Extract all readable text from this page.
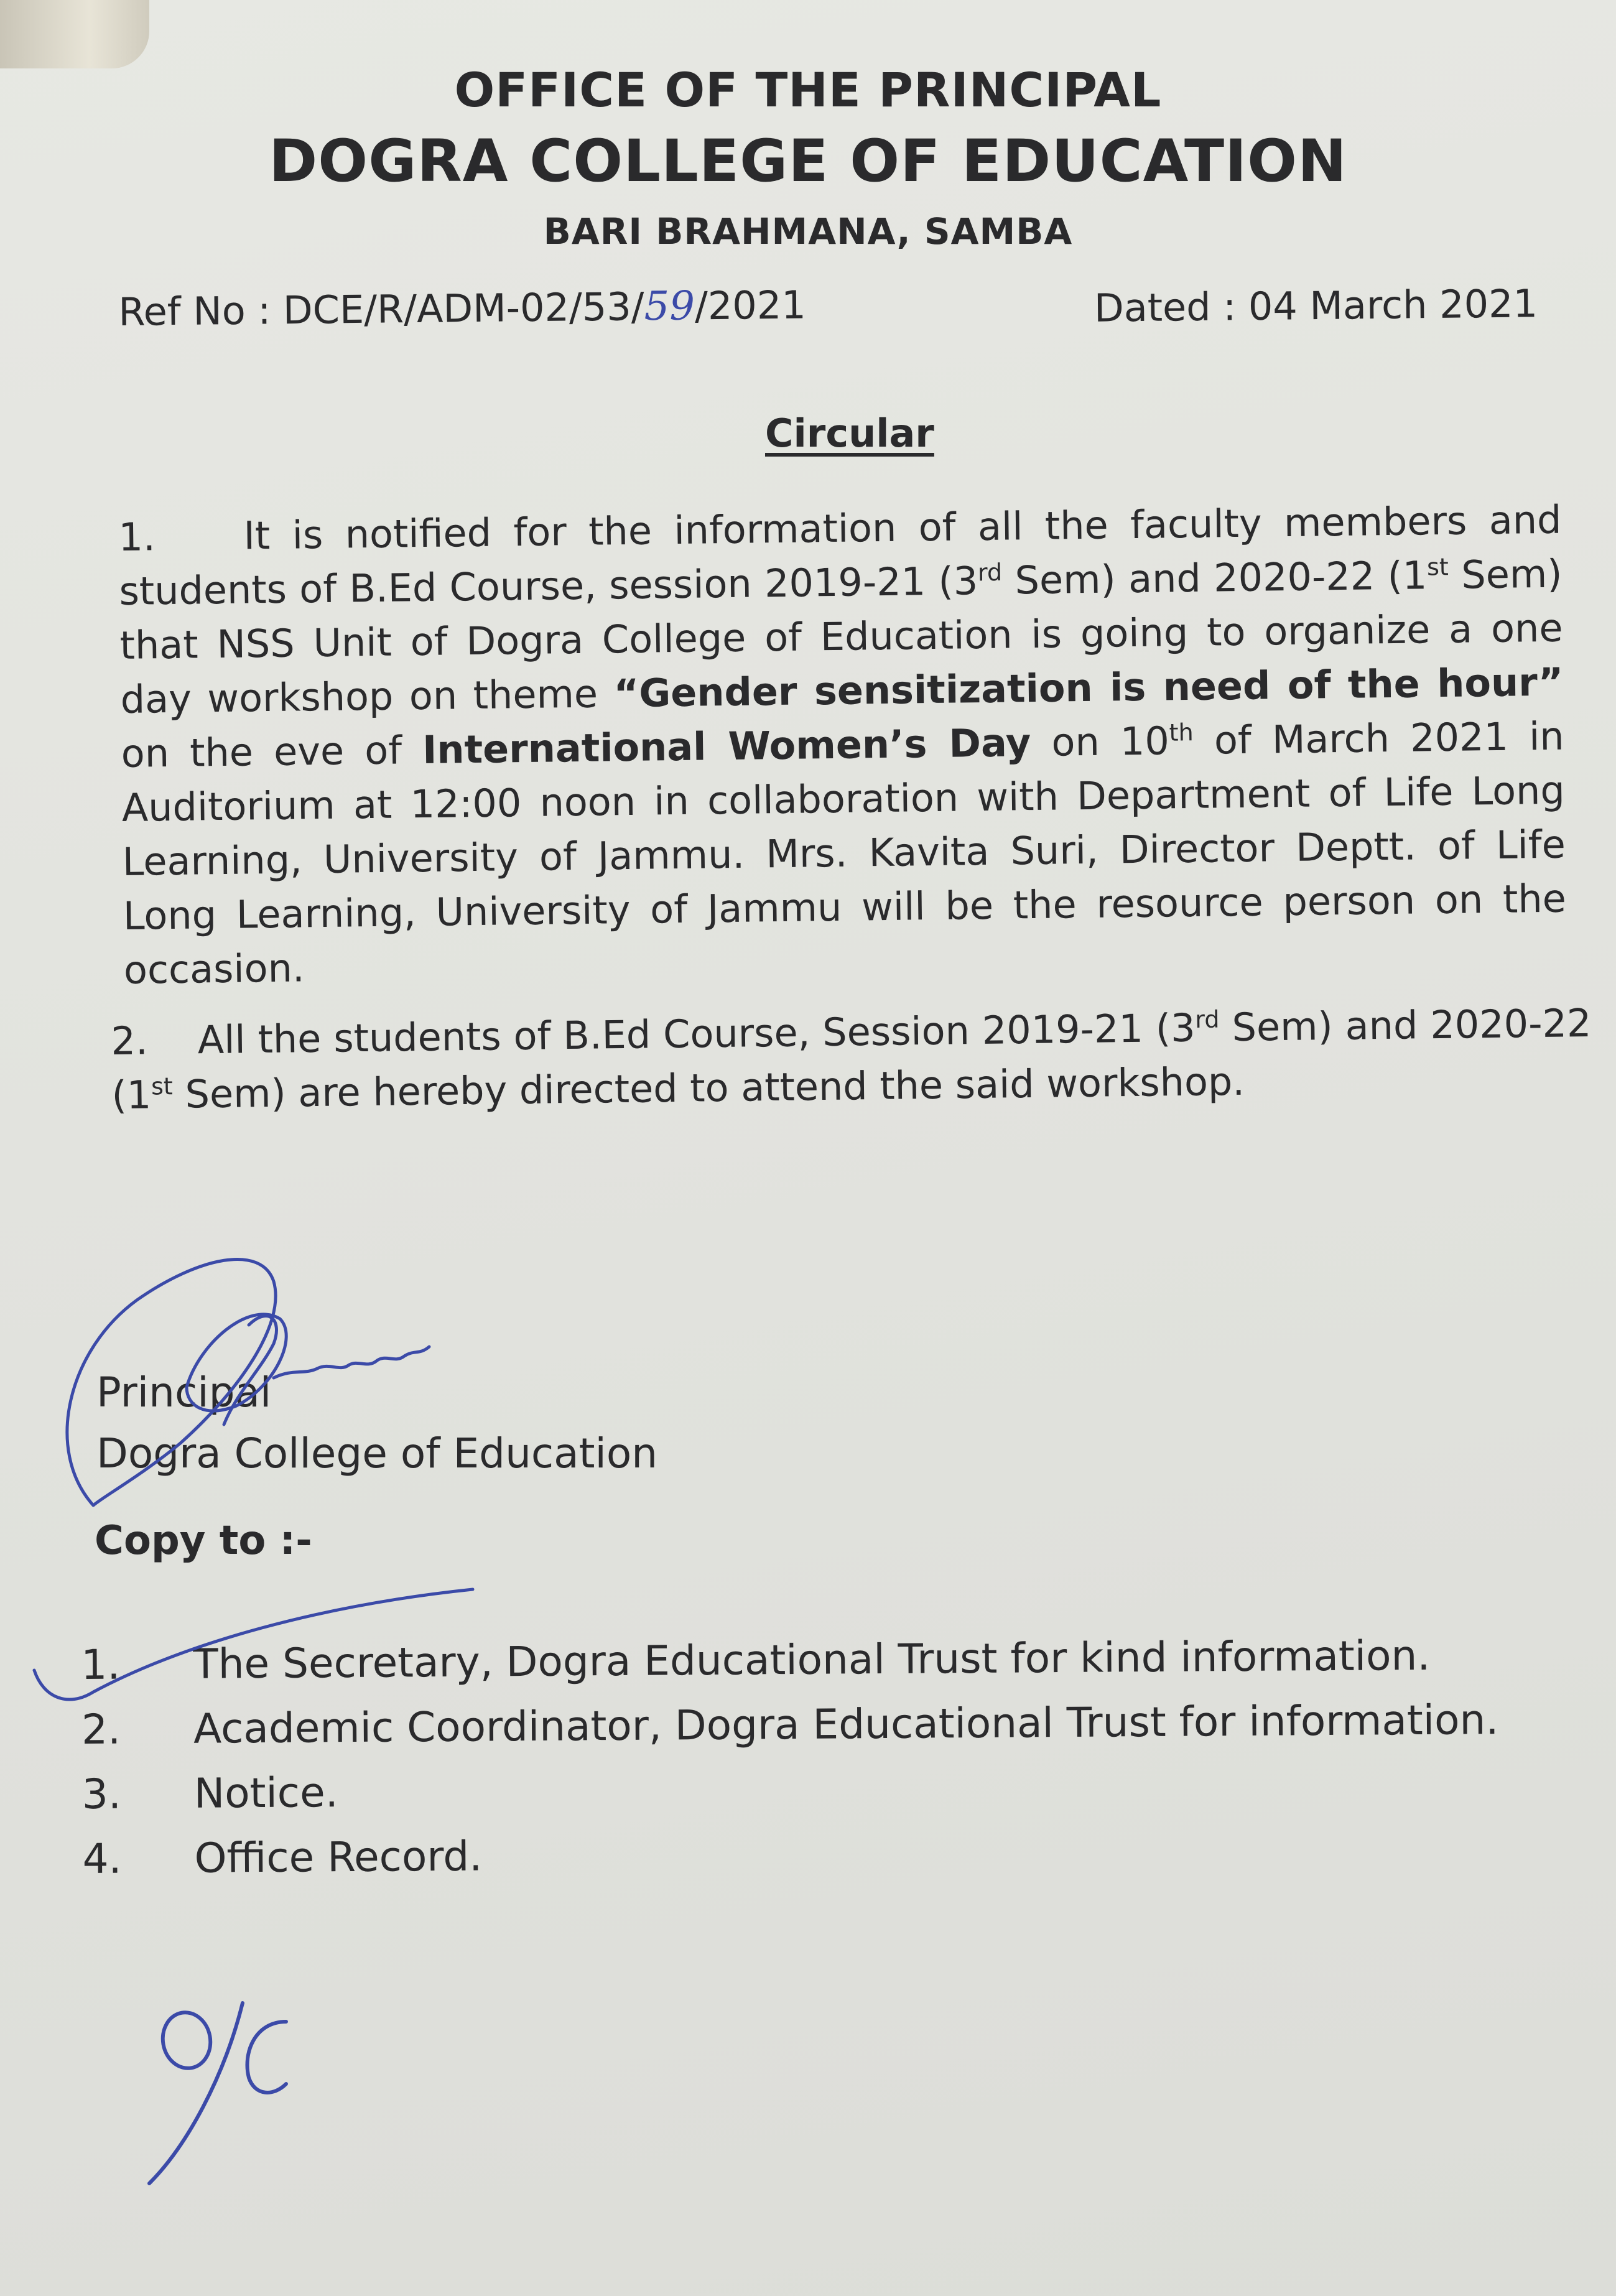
OFFICE OF THE PRINCIPAL
DOGRA COLLEGE OF EDUCATION
BARI BRAHMANA, SAMBA
Ref No : DCE/R/ADM-02/53/59/2021	Dated : 04 March 2021
Circular
1. It is notified for the information of all the faculty members and students of B.Ed Course, session 2019-21 (3rd Sem) and 2020-22 (1st Sem) that NSS Unit of Dogra College of Education is going to organize a one day workshop on theme “Gender sensitization is need of the hour” on the eve of International Women’s Day on 10th of March 2021 in Auditorium at 12:00 noon in collaboration with Department of Life Long Learning, University of Jammu. Mrs. Kavita Suri, Director Deptt. of Life Long Learning, University of Jammu will be the resource person on the occasion.
2. All the students of B.Ed Course, Session 2019-21 (3rd Sem) and 2020-22 (1st Sem) are hereby directed to attend the said workshop.
Principal
Dogra College of Education
Copy to :-
1.	The Secretary, Dogra Educational Trust for kind information.
2.	Academic Coordinator, Dogra Educational Trust for information.
3.	Notice.
4.	Office Record.
